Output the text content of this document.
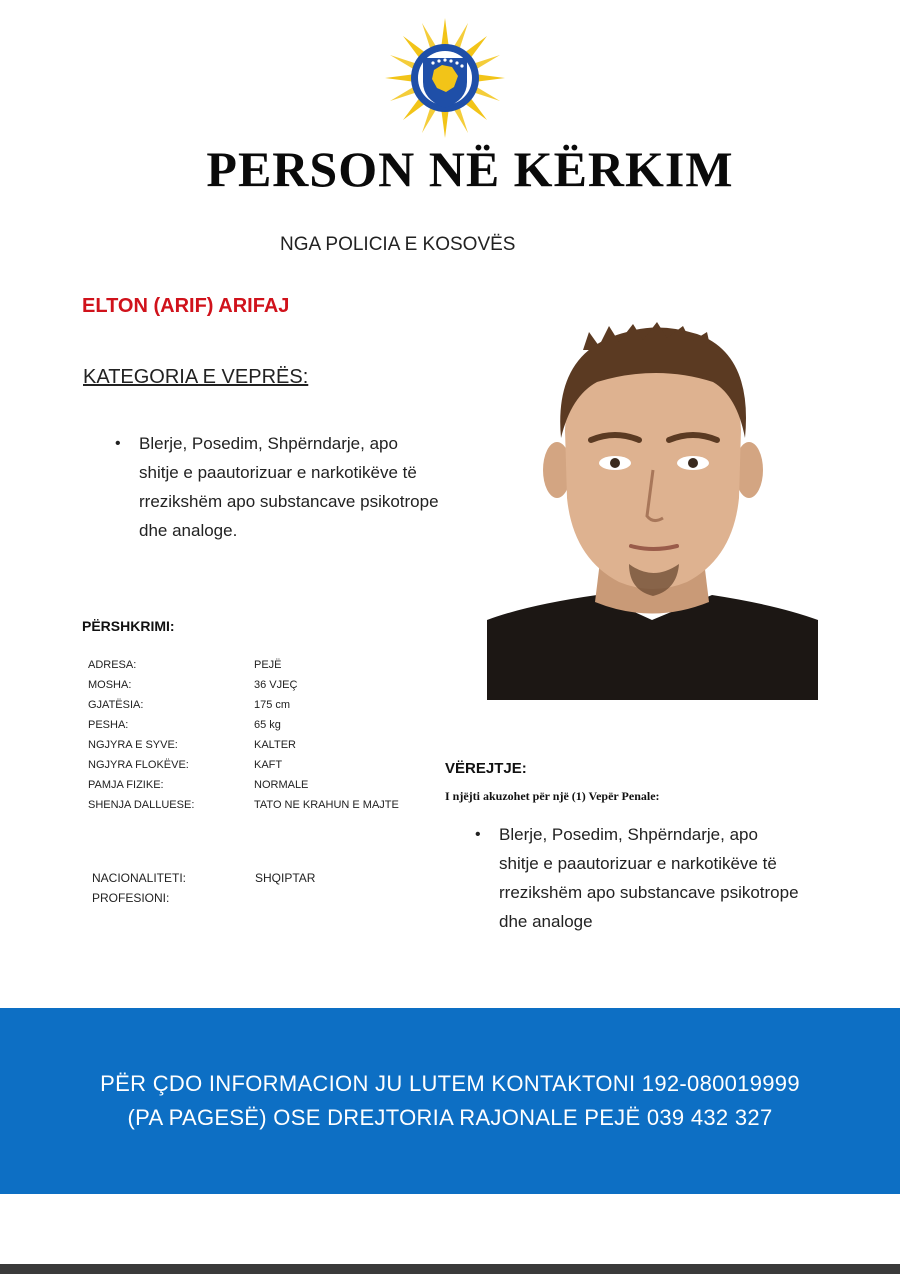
PERSON NË KËRKIM
NGA POLICIA E KOSOVËS
ELTON (ARIF) ARIFAJ
KATEGORIA E VEPRËS:
• Blerje, Posedim, Shpërndarje, apo shitje e paautorizuar e narkotikëve të rrezikshëm apo substancave psikotrope dhe analoge.
PËRSHKRIMI:
ADRESA:	PEJË
MOSHA:	36 VJEÇ
GJATËSIA:	175 cm
PESHA:	65 kg
NGJYRA E SYVE:	KALTER
NGJYRA FLOKËVE:	KAFT
PAMJA FIZIKE:	NORMALE
SHENJA DALLUESE:	TATO NE KRAHUN E MAJTE
NACIONALITETI:	SHQIPTAR
PROFESIONI:
VËREJTJE:
I njëjti akuzohet për një (1) Vepër Penale:
• Blerje, Posedim, Shpërndarje, apo shitje e paautorizuar e narkotikëve të rrezikshëm apo substancave psikotrope dhe analoge
PËR ÇDO INFORMACION JU LUTEM KONTAKTONI 192-080019999 (PA PAGESË) OSE DREJTORIA RAJONALE PEJË 039 432 327
